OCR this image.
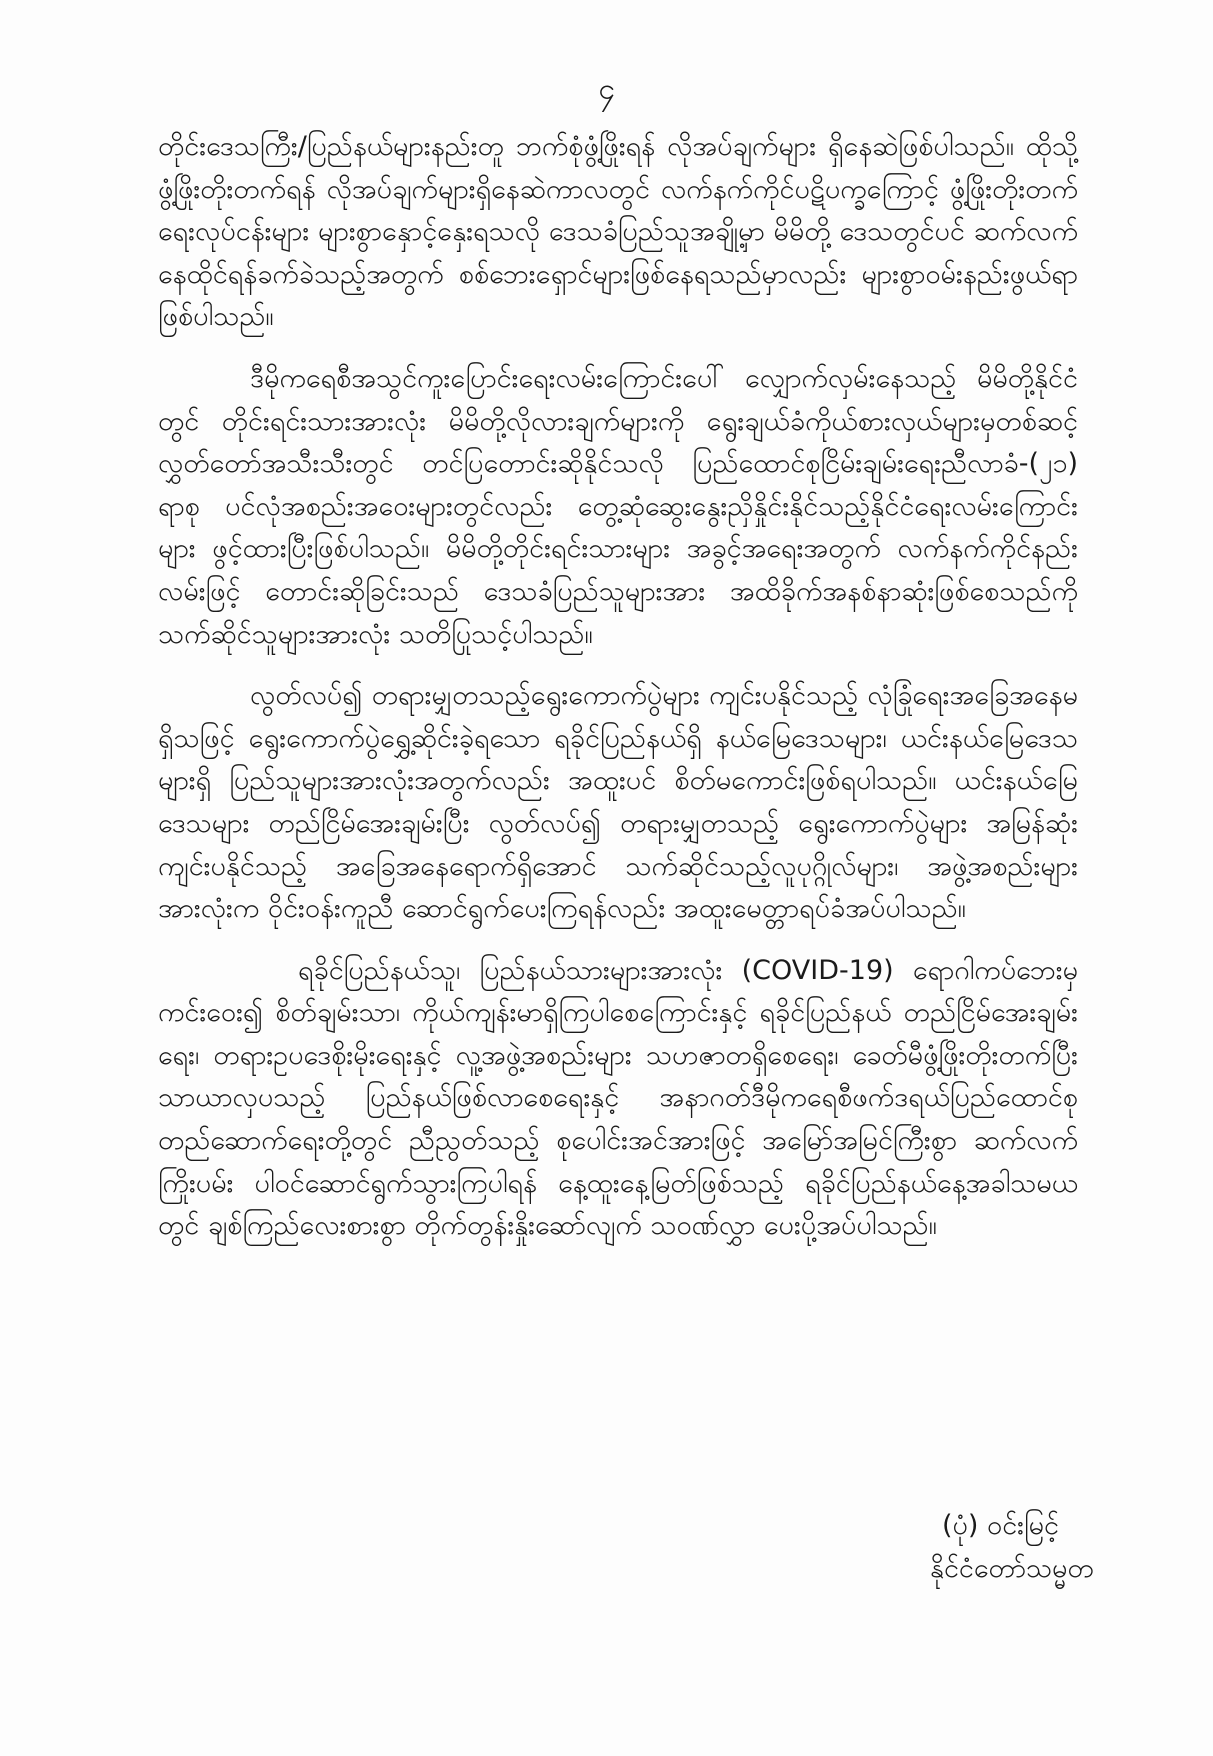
၄

တိုင်းဒေသကြီး/ပြည်နယ်များနည်းတူ ဘက်စုံဖွံ့ဖြိုးရန် လိုအပ်ချက်များ ရှိနေဆဲဖြစ်ပါသည်။ ထိုသို့ ဖွံ့ဖြိုးတိုးတက်ရန် လိုအပ်ချက်များရှိနေဆဲကာလတွင် လက်နက်ကိုင်ပဋိပက္ခကြောင့် ဖွံ့ဖြိုးတိုးတက်ရေးလုပ်ငန်းများ များစွာနှောင့်နှေးရသလို ဒေသခံပြည်သူအချို့မှာ မိမိတို့ ဒေသတွင်ပင် ဆက်လက်နေထိုင်ရန်ခက်ခဲသည့်အတွက် စစ်ဘေးရှောင်များဖြစ်နေရသည်မှာလည်း များစွာဝမ်းနည်းဖွယ်ရာဖြစ်ပါသည်။

ဒီမိုကရေစီအသွင်ကူးပြောင်းရေးလမ်းကြောင်းပေါ် လျှောက်လှမ်းနေသည့် မိမိတို့နိုင်ငံတွင် တိုင်းရင်းသားအားလုံး မိမိတို့လိုလားချက်များကို ရွေးချယ်ခံကိုယ်စားလှယ်များမှတစ်ဆင့် လွှတ်တော်အသီးသီးတွင် တင်ပြတောင်းဆိုနိုင်သလို ပြည်ထောင်စုငြိမ်းချမ်းရေးညီလာခံ-(၂၁) ရာစု ပင်လုံအစည်းအဝေးများတွင်လည်း တွေ့ဆုံဆွေးနွေးညှိနှိုင်းနိုင်သည့်နိုင်ငံရေးလမ်းကြောင်းများ ဖွင့်ထားပြီးဖြစ်ပါသည်။ မိမိတို့တိုင်းရင်းသားများ အခွင့်အရေးအတွက် လက်နက်ကိုင်နည်းလမ်းဖြင့် တောင်းဆိုခြင်းသည် ဒေသခံပြည်သူများအား အထိခိုက်အနစ်နာဆုံးဖြစ်စေသည်ကို သက်ဆိုင်သူများအားလုံး သတိပြုသင့်ပါသည်။

လွတ်လပ်၍ တရားမျှတသည့်ရွေးကောက်ပွဲများ ကျင်းပနိုင်သည့် လုံခြုံရေးအခြေအနေမရှိသဖြင့် ရွေးကောက်ပွဲရွှေ့ဆိုင်းခဲ့ရသော ရခိုင်ပြည်နယ်ရှိ နယ်မြေဒေသများ၊ ယင်းနယ်မြေဒေသများရှိ ပြည်သူများအားလုံးအတွက်လည်း အထူးပင် စိတ်မကောင်းဖြစ်ရပါသည်။ ယင်းနယ်မြေဒေသများ တည်ငြိမ်အေးချမ်းပြီး လွတ်လပ်၍ တရားမျှတသည့် ရွေးကောက်ပွဲများ အမြန်ဆုံးကျင်းပနိုင်သည့် အခြေအနေရောက်ရှိအောင် သက်ဆိုင်သည့်လူပုဂ္ဂိုလ်များ၊ အဖွဲ့အစည်းများအားလုံးက ဝိုင်းဝန်းကူညီ ဆောင်ရွက်ပေးကြရန်လည်း အထူးမေတ္တာရပ်ခံအပ်ပါသည်။

ရခိုင်ပြည်နယ်သူ၊ ပြည်နယ်သားများအားလုံး (COVID-19) ရောဂါကပ်ဘေးမှ ကင်းဝေး၍ စိတ်ချမ်းသာ၊ ကိုယ်ကျန်းမာရှိကြပါစေကြောင်းနှင့် ရခိုင်ပြည်နယ် တည်ငြိမ်အေးချမ်းရေး၊ တရားဥပဒေစိုးမိုးရေးနှင့် လူ့အဖွဲ့အစည်းများ သဟဇာတရှိစေရေး၊ ခေတ်မီဖွံ့ဖြိုးတိုးတက်ပြီး သာယာလှပသည့် ပြည်နယ်ဖြစ်လာစေရေးနှင့် အနာဂတ်ဒီမိုကရေစီဖက်ဒရယ်ပြည်ထောင်စုတည်ဆောက်ရေးတို့တွင် ညီညွတ်သည့် စုပေါင်းအင်အားဖြင့် အမြော်အမြင်ကြီးစွာ ဆက်လက်ကြိုးပမ်း ပါဝင်ဆောင်ရွက်သွားကြပါရန် နေ့ထူးနေ့မြတ်ဖြစ်သည့် ရခိုင်ပြည်နယ်နေ့အခါသမယတွင် ချစ်ကြည်လေးစားစွာ တိုက်တွန်းနှိုးဆော်လျက် သဝဏ်လွှာ ပေးပို့အပ်ပါသည်။

(ပုံ) ဝင်းမြင့်
နိုင်ငံတော်သမ္မတ
